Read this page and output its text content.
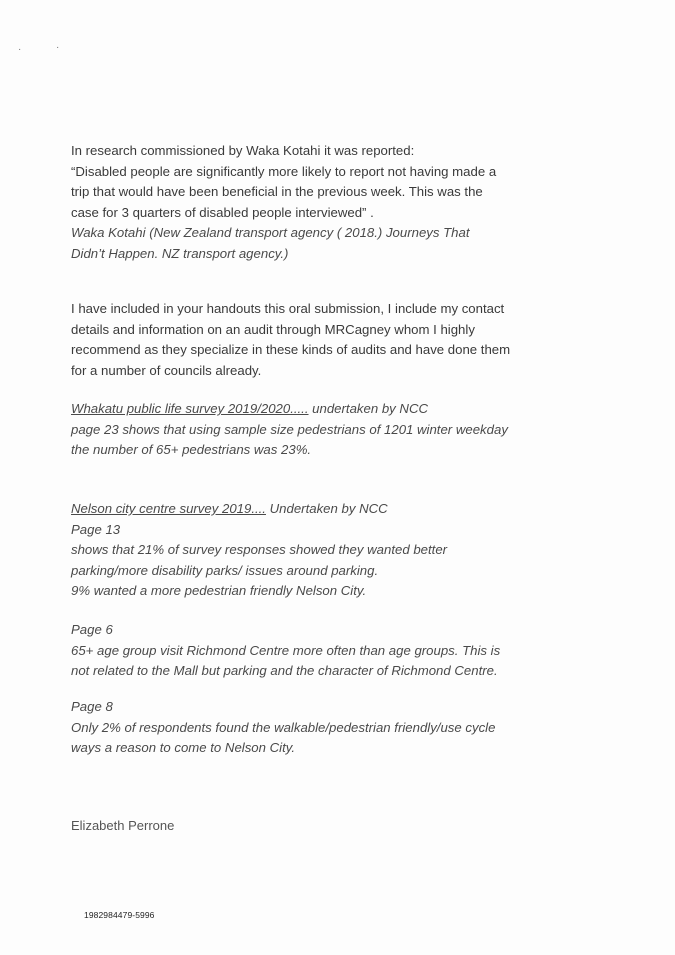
·	·
In research commissioned by Waka Kotahi it was reported:
“Disabled people are significantly more likely to report not having made a
trip that would have been beneficial in the previous week. This was the
case for 3 quarters of disabled people interviewed” .
Waka Kotahi (New Zealand transport agency ( 2018.) Journeys That
Didn’t Happen. NZ transport agency.)
I have included in your handouts this oral submission, I include my contact
details and information on an audit through MRCagney whom I highly
recommend as they specialize in these kinds of audits and have done them
for a number of councils already.
Whakatu public life survey 2019/2020..... undertaken by NCC
page 23 shows that using sample size pedestrians of 1201 winter weekday
the number of 65+ pedestrians was 23%.
Nelson city centre survey 2019.... Undertaken by NCC
Page 13
shows that 21% of survey responses showed they wanted better
parking/more disability parks/ issues around parking.
9% wanted a more pedestrian friendly Nelson City.
Page 6
65+ age group visit Richmond Centre more often than age groups. This is
not related to the Mall but parking and the character of Richmond Centre.
Page 8
Only 2% of respondents found the walkable/pedestrian friendly/use cycle
ways a reason to come to Nelson City.
Elizabeth Perrone
1982984479-5996
